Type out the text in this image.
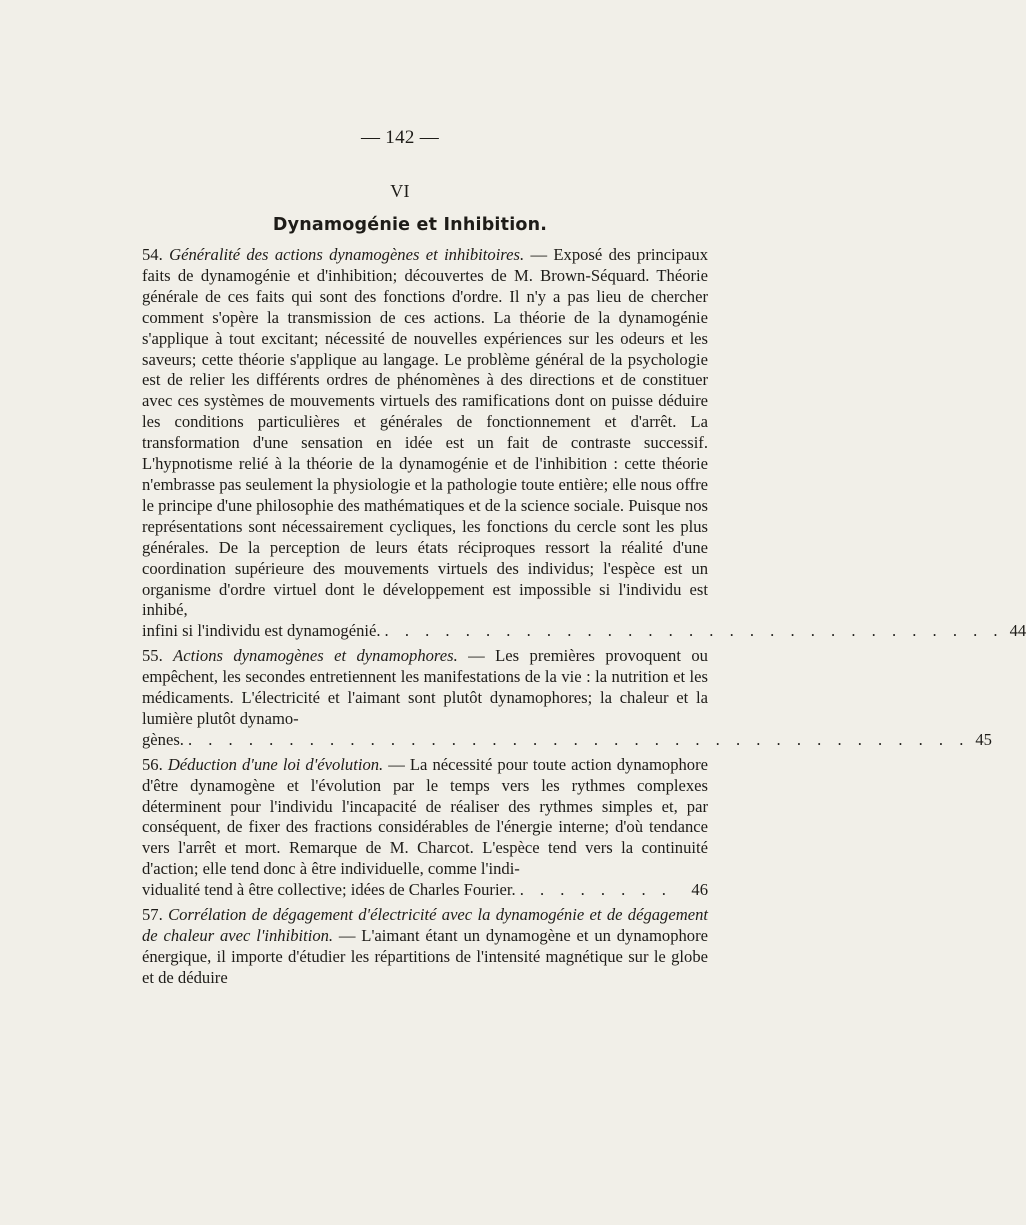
— 142 —
VI
Dynamogénie et Inhibition.

54. Généralité des actions dynamogènes et inhibitoires. — Exposé des principaux faits de dynamogénie et d'inhibition; découvertes de M. Brown-Séquard. Théorie générale de ces faits qui sont des fonctions d'ordre. Il n'y a pas lieu de chercher comment s'opère la transmission de ces actions. La théorie de la dynamogénie s'applique à tout excitant; nécessité de nouvelles expériences sur les odeurs et les saveurs; cette théorie s'applique au langage. Le problème général de la psychologie est de relier les différents ordres de phénomènes à des directions et de constituer avec ces systèmes de mouvements virtuels des ramifications dont on puisse déduire les conditions particulières et générales de fonctionnement et d'arrêt. La transformation d'une sensation en idée est un fait de contraste successif. L'hypnotisme relié à la théorie de la dynamogénie et de l'inhibition : cette théorie n'embrasse pas seulement la physiologie et la pathologie toute entière; elle nous offre le principe d'une philosophie des mathématiques et de la science sociale. Puisque nos représentations sont nécessairement cycliques, les fonctions du cercle sont les plus générales. De la perception de leurs états réciproques ressort la réalité d'une coordination supérieure des mouvements virtuels des individus; l'espèce est un organisme d'ordre virtuel dont le développement est impossible si l'individu est inhibé,

infini si l'individu est dynamogénié. . . . . . . . . . . . . . . . . . . . . . . . . . . . . . . . 44

55. Actions dynamogènes et dynamophores. — Les premières provoquent ou empêchent, les secondes entretiennent les manifestations de la vie : la nutrition et les médicaments. L'électricité et l'aimant sont plutôt dynamophores; la chaleur et la lumière plutôt dynamo-

gènes. . . . . . . . . . . . . . . . . . . . . . . . . . . . . . . . . . . . . . . . 45

56. Déduction d'une loi d'évolution. — La nécessité pour toute action dynamophore d'être dynamogène et l'évolution par le temps vers les rythmes complexes déterminent pour l'individu l'incapacité de réaliser des rythmes simples et, par conséquent, de fixer des fractions considérables de l'énergie interne; d'où tendance vers l'arrêt et mort. Remarque de M. Charcot. L'espèce tend vers la continuité d'action; elle tend donc à être individuelle, comme l'indi-

vidualité tend à être collective; idées de Charles Fourier. . . . . . . . .	46

57. Corrélation de dégagement d'électricité avec la dynamogénie et de dégagement de chaleur avec l'inhibition. — L'aimant étant un dynamogène et un dynamophore énergique, il importe d'étudier les répartitions de l'intensité magnétique sur le globe et de déduire
